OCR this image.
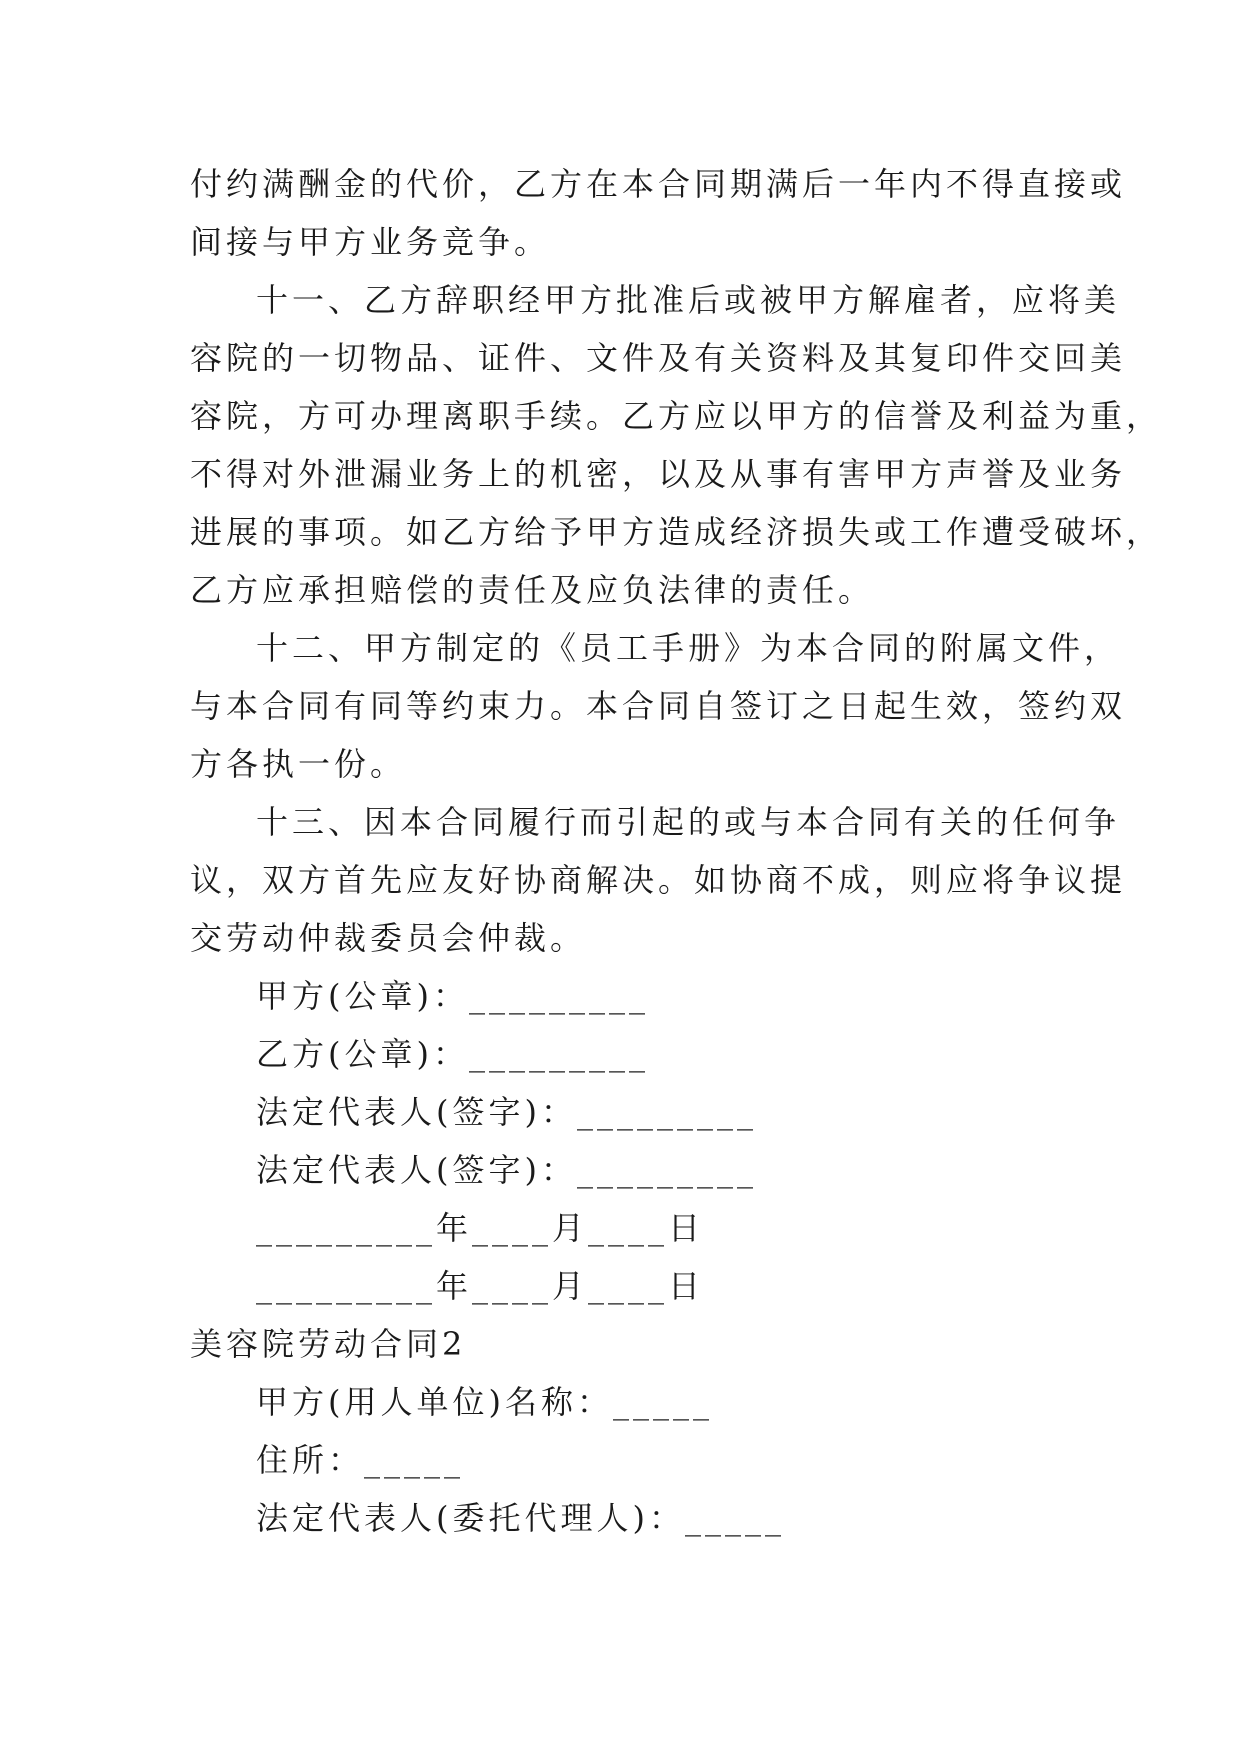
付约满酬金的代价，乙方在本合同期满后一年内不得直接或
间接与甲方业务竞争。
十一、乙方辞职经甲方批准后或被甲方解雇者，应将美
容院的一切物品、证件、文件及有关资料及其复印件交回美
容院，方可办理离职手续。乙方应以甲方的信誉及利益为重，
不得对外泄漏业务上的机密，以及从事有害甲方声誉及业务
进展的事项。如乙方给予甲方造成经济损失或工作遭受破坏，
乙方应承担赔偿的责任及应负法律的责任。
十二、甲方制定的《员工手册》为本合同的附属文件，
与本合同有同等约束力。本合同自签订之日起生效，签约双
方各执一份。
十三、因本合同履行而引起的或与本合同有关的任何争
议，双方首先应友好协商解决。如协商不成，则应将争议提
交劳动仲裁委员会仲裁。
甲方(公章)：_________
乙方(公章)：_________
法定代表人(签字)：_________
法定代表人(签字)：_________
_________年____月____日
_________年____月____日
美容院劳动合同2
甲方(用人单位)名称：_____
住所：_____
法定代表人(委托代理人)：_____
